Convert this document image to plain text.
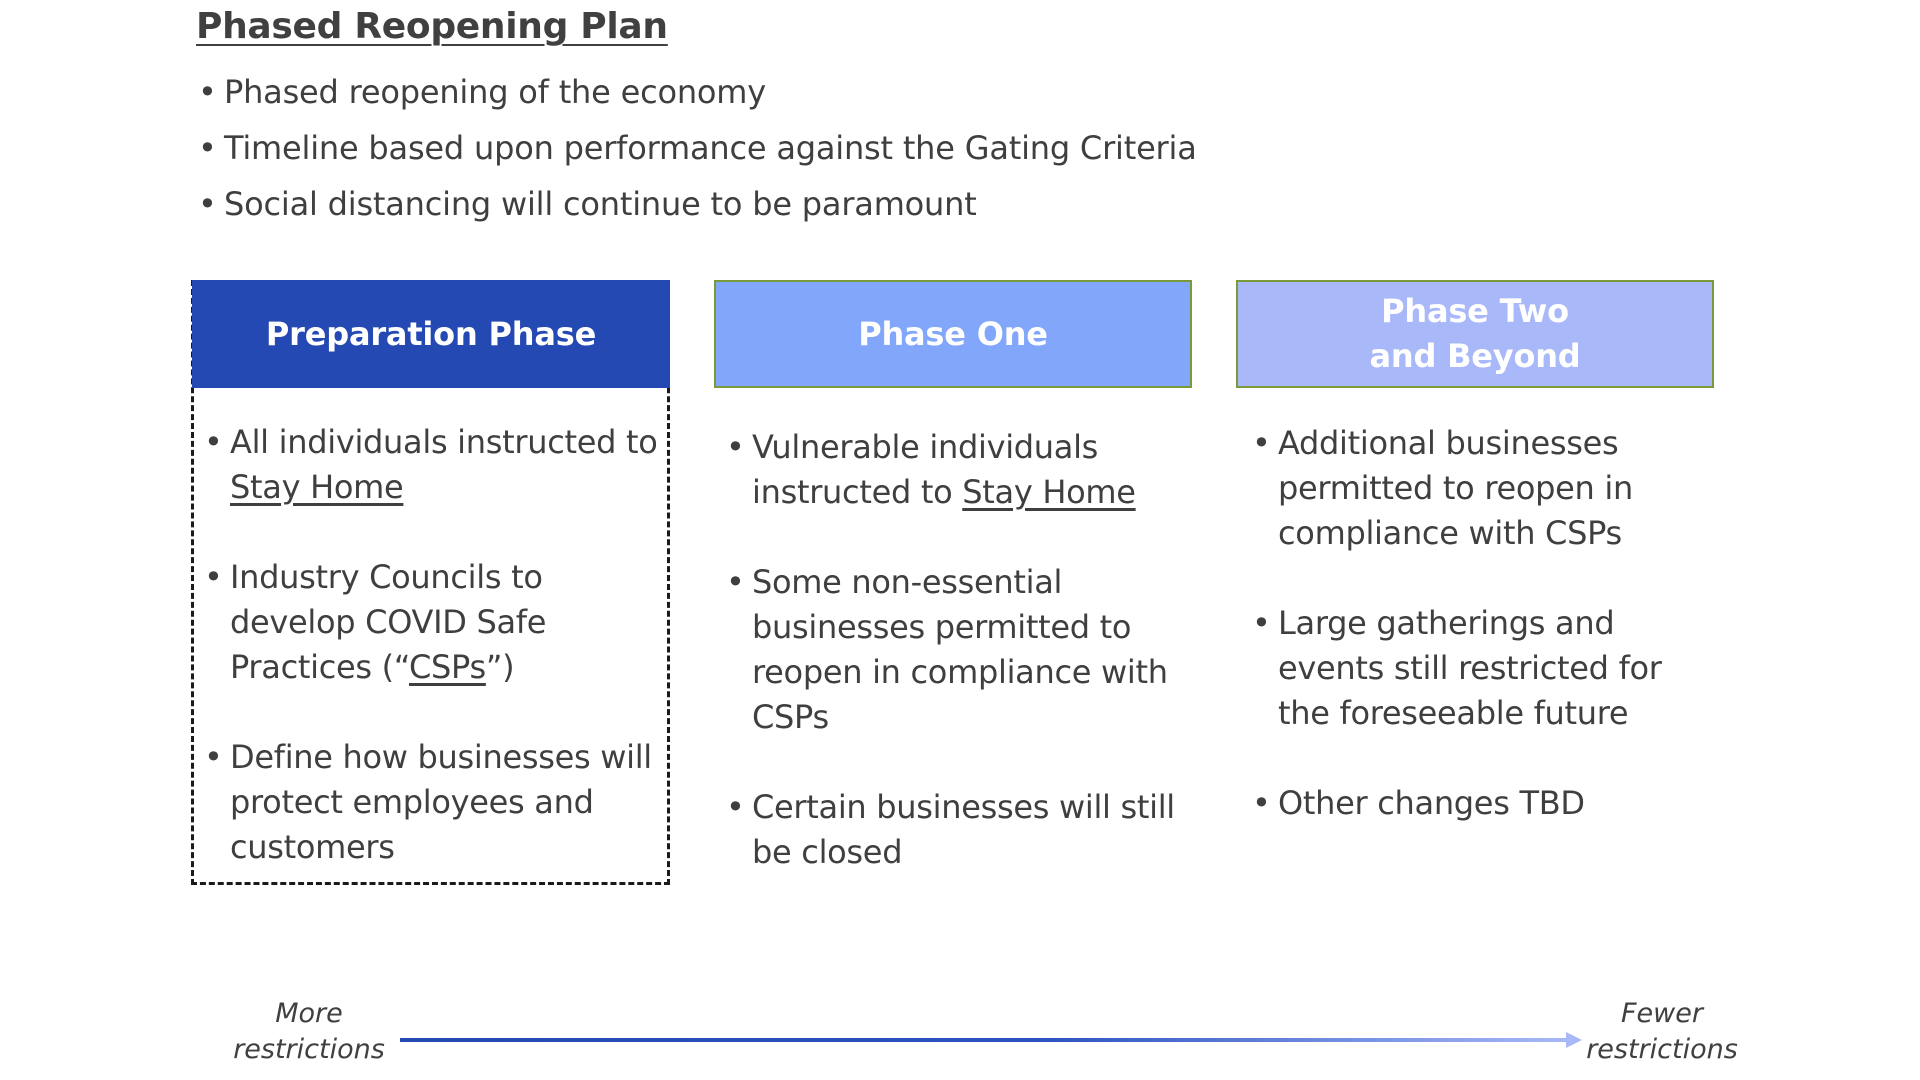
Phased Reopening Plan
• Phased reopening of the economy
• Timeline based upon performance against the Gating Criteria
• Social distancing will continue to be paramount
Preparation Phase
• All individuals instructed to Stay Home
• Industry Councils to develop COVID Safe Practices (“CSPs”)
• Define how businesses will protect employees and customers
Phase One
• Vulnerable individuals instructed to Stay Home
• Some non-essential businesses permitted to reopen in compliance with CSPs
• Certain businesses will still be closed
Phase Two
and Beyond
• Additional businesses permitted to reopen in compliance with CSPs
• Large gatherings and events still restricted for the foreseeable future
• Other changes TBD
More
restrictions
Fewer
restrictions
